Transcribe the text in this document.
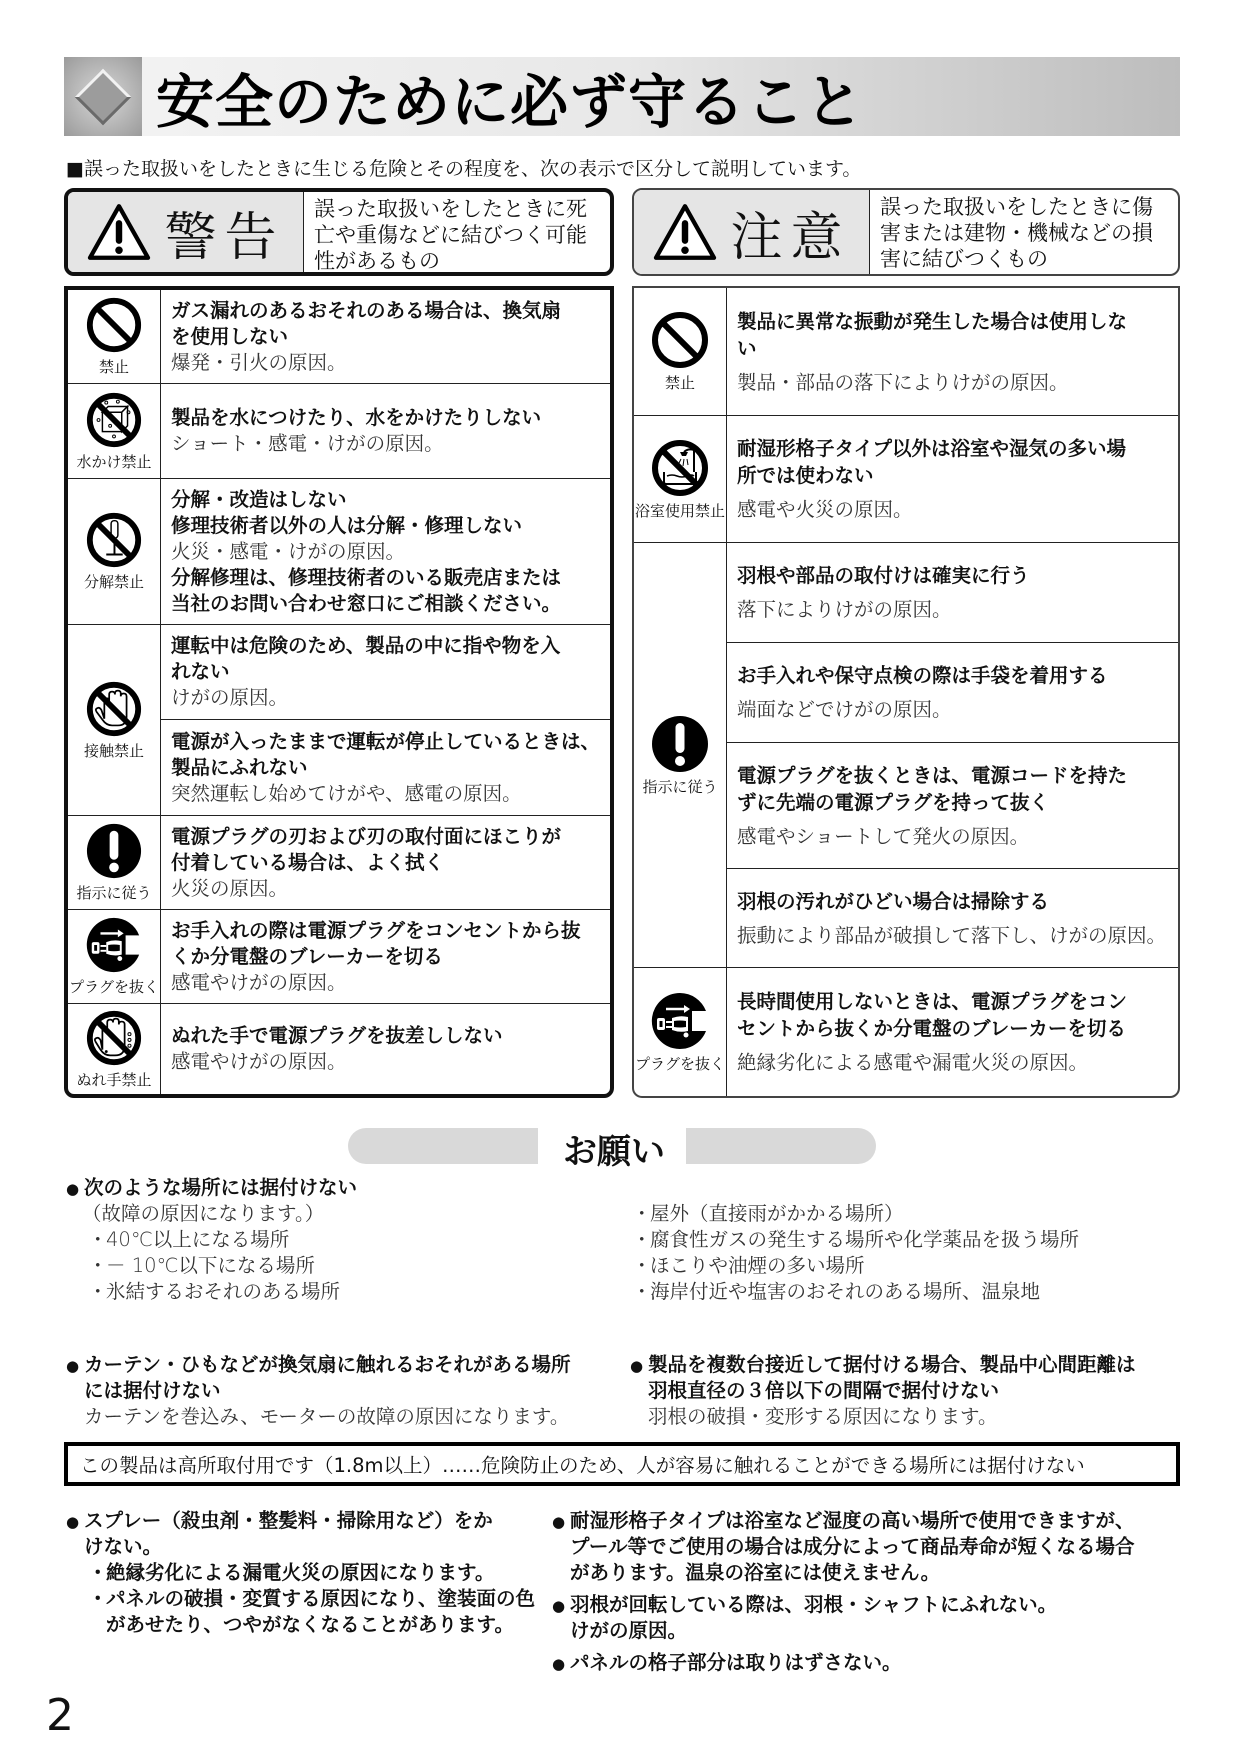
安全のために必ず守ること
■誤った取扱いをしたときに生じる危険とその程度を、次の表示で区分して説明しています。
警告 誤った取扱いをしたときに死
亡や重傷などに結びつく可能
性があるもの	注意
誤った取扱いをしたときに傷
害または建物・機械などの損
害に結びつくもの
禁止
ガス漏れのあるおそれのある場合は、換気扇
を使用しない
爆発・引火の原因。
水かけ禁止
製品を水につけたり、水をかけたりしない
ショート・感電・けがの原因。
分解禁止
分解・改造はしない
修理技術者以外の人は分解・修理しない
火災・感電・けがの原因。
分解修理は、修理技術者のいる販売店または
当社のお問い合わせ窓口にご相談ください。
接触禁止
運転中は危険のため、製品の中に指や物を入
れない
けがの原因。
電源が入ったままで運転が停止しているときは、
製品にふれない
突然運転し始めてけがや、感電の原因。
指示に従う
電源プラグの刃および刃の取付面にほこりが
付着している場合は、よく拭く
火災の原因。
プラグを抜く
お手入れの際は電源プラグをコンセントから抜
くか分電盤のブレーカーを切る
感電やけがの原因。
ぬれ手禁止
ぬれた手で電源プラグを抜差ししない
感電やけがの原因。
禁止
製品に異常な振動が発生した場合は使用しな
い
製品・部品の落下によりけがの原因。
浴室使用禁止
耐湿形格子タイプ以外は浴室や湿気の多い場
所では使わない
感電や火災の原因。
指示に従う
羽根や部品の取付けは確実に行う
落下によりけがの原因。
お手入れや保守点検の際は手袋を着用する
端面などでけがの原因。
電源プラグを抜くときは、電源コードを持た
ずに先端の電源プラグを持って抜く
感電やショートして発火の原因。
羽根の汚れがひどい場合は掃除する
振動により部品が破損して落下し、けがの原因。
プラグを抜く
長時間使用しないときは、電源プラグをコン
セントから抜くか分電盤のブレーカーを切る
絶縁劣化による感電や漏電火災の原因。
お願い
● 次のような場所には据付けない
（故障の原因になります。）
・ 40℃以上になる場所
・ － 10℃以下になる場所
・ 氷結するおそれのある場所
・ 屋外（直接雨がかかる場所）
・ 腐食性ガスの発生する場所や化学薬品を扱う場所
・ ほこりや油煙の多い場所
・ 海岸付近や塩害のおそれのある場所、温泉地
● カーテン・ひもなどが換気扇に触れるおそれがある場所
には据付けない
カーテンを巻込み、モーターの故障の原因になります。
● 製品を複数台接近して据付ける場合、製品中心間距離は
羽根直径の３倍以下の間隔で据付けない
羽根の破損・変形する原因になります。
この製品は高所取付用です（1.8m以上）……危険防止のため、人が容易に触れることができる場所には据付けない
● スプレー（殺虫剤・整髪料・掃除用など）をか
けない。
・ 絶縁劣化による漏電火災の原因になります。
・ パネルの破損・変質する原因になり、塗装面の色があせたり、つやがなくなることがあります。
● 耐湿形格子タイプは浴室など湿度の高い場所で使用できますが、
プール等でご使用の場合は成分によって商品寿命が短くなる場合
があります。温泉の浴室には使えません。
● 羽根が回転している際は、羽根・シャフトにふれない。
けがの原因。
● パネルの格子部分は取りはずさない。
2
